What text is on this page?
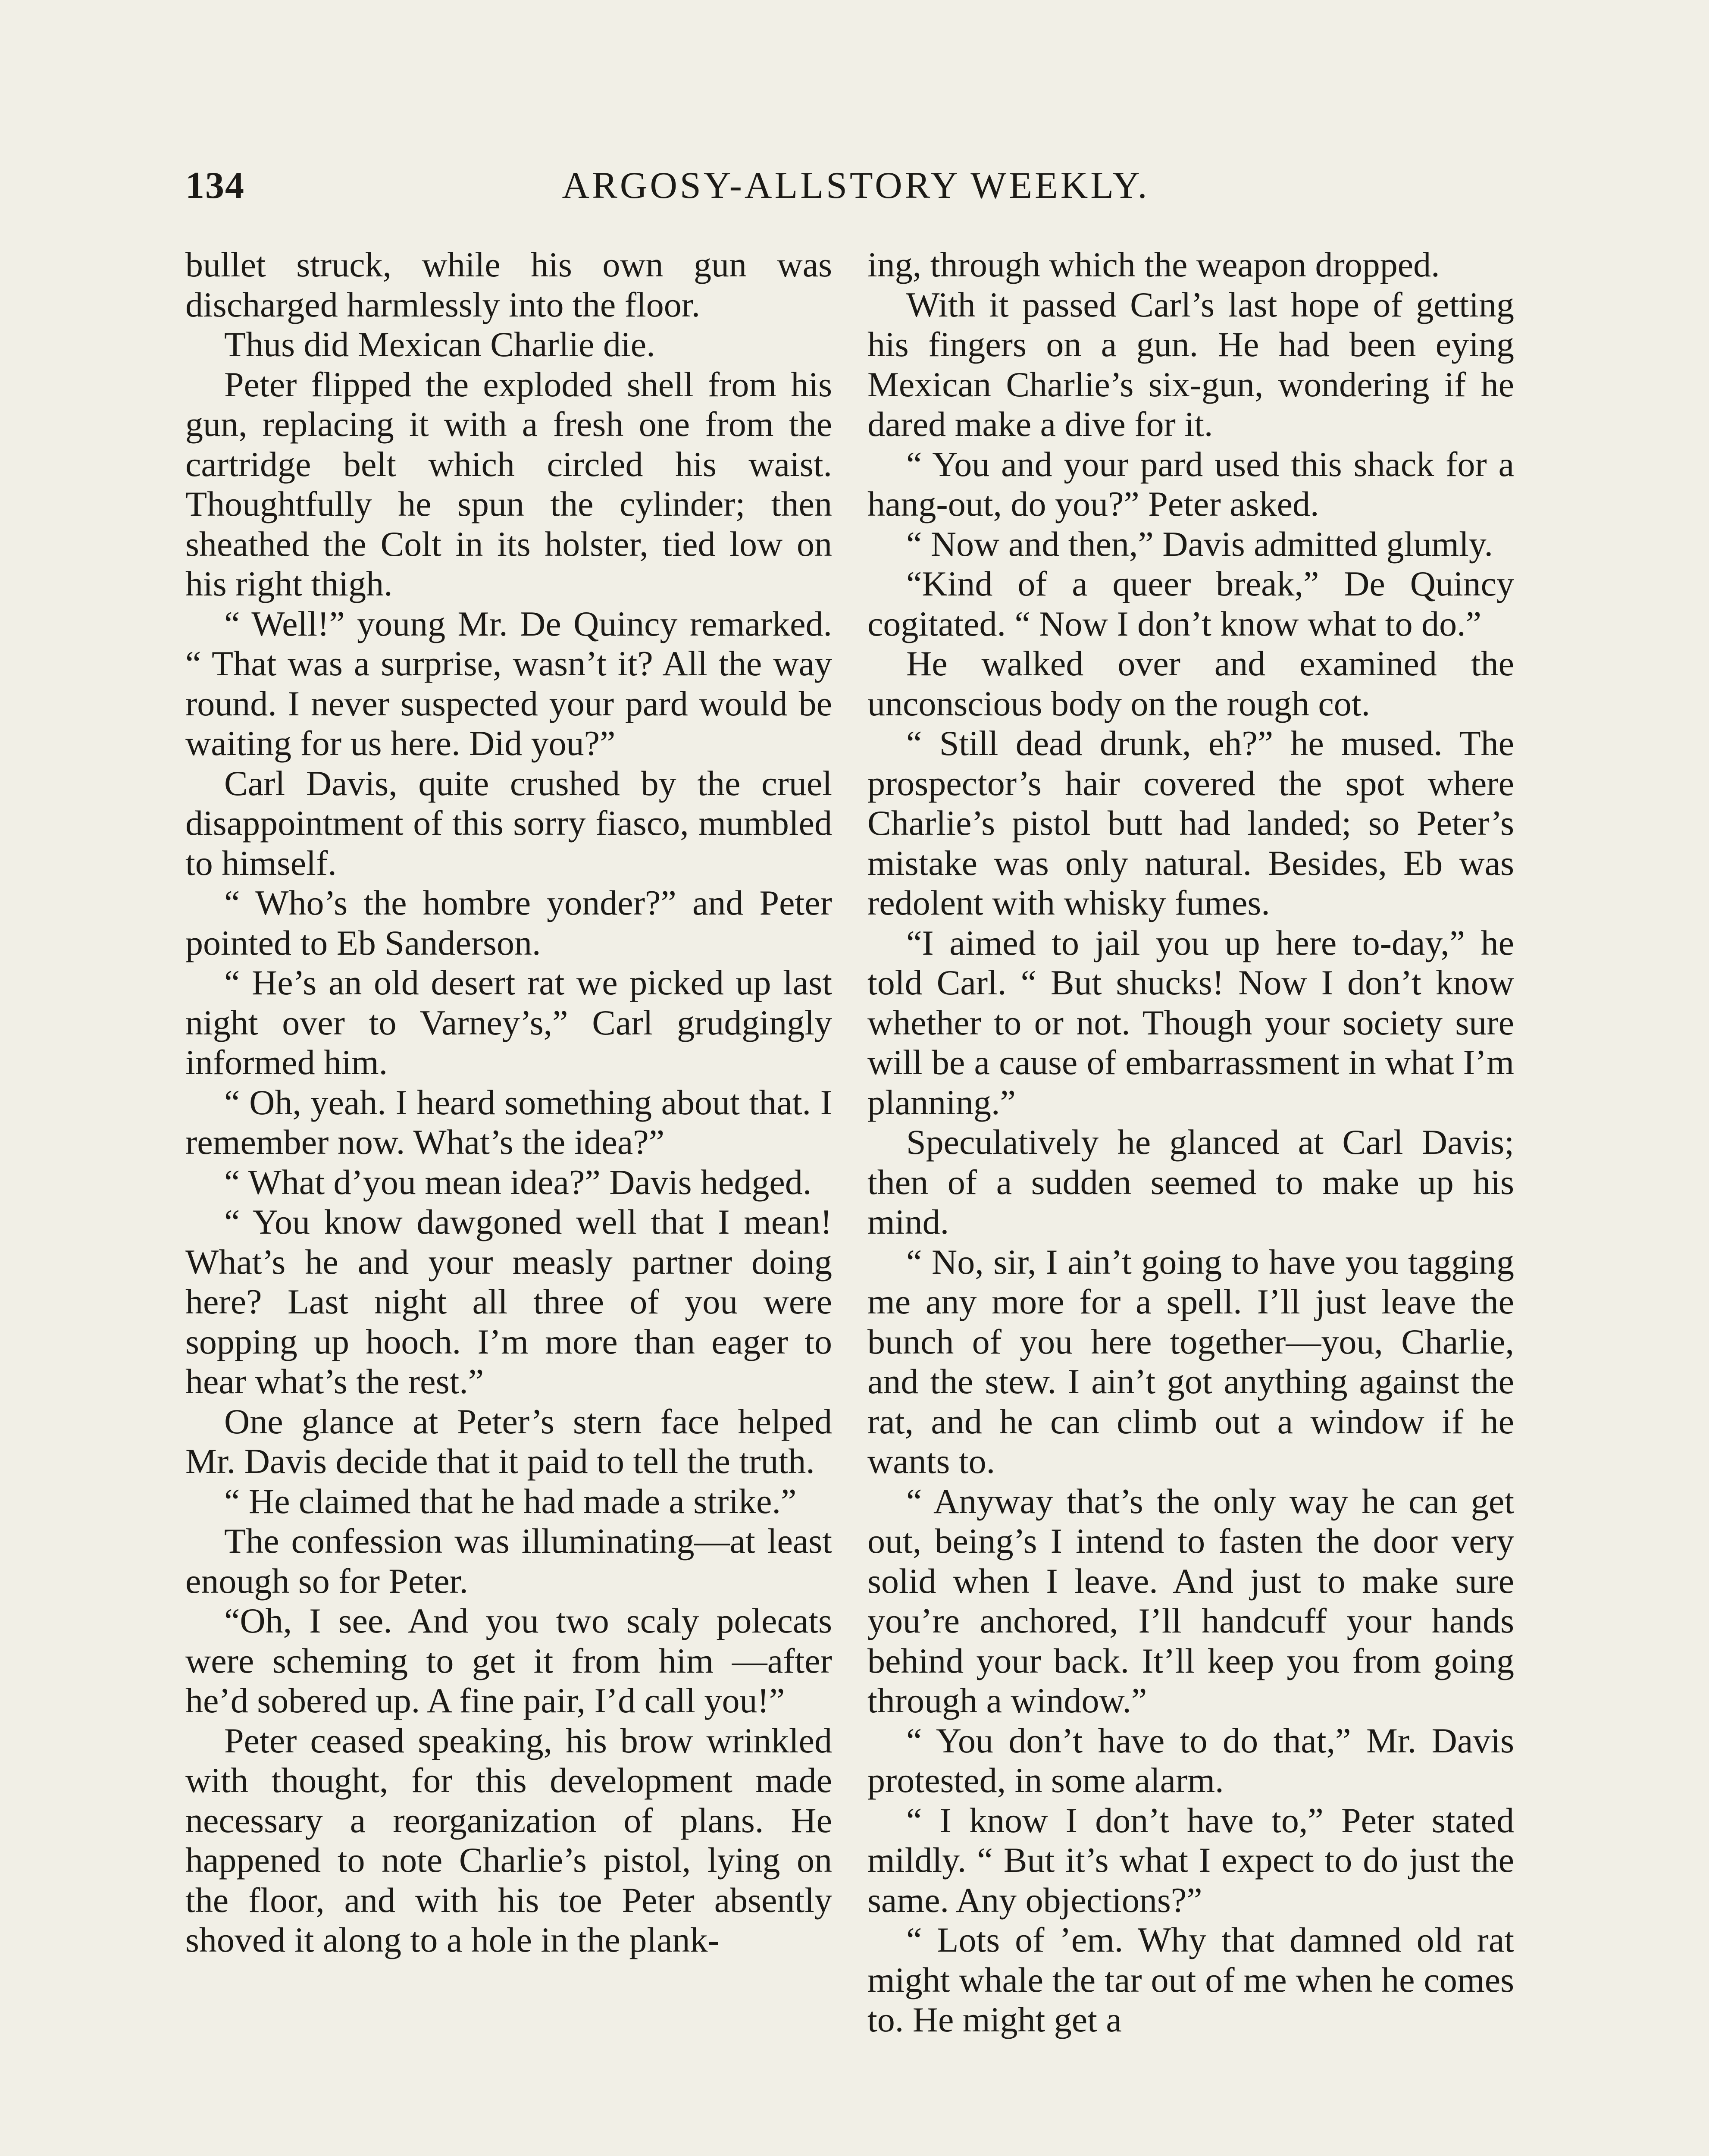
134	ARGOSY-ALLSTORY WEEKLY.

bullet struck, while his own gun was discharged harmlessly into the floor.

Thus did Mexican Charlie die.

Peter flipped the exploded shell from his gun, replacing it with a fresh one from the cartridge belt which circled his waist. Thoughtfully he spun the cylinder; then sheathed the Colt in its holster, tied low on his right thigh.

“ Well!” young Mr. De Quincy remarked. “ That was a surprise, wasn’t it? All the way round. I never suspected your pard would be waiting for us here. Did you?”

Carl Davis, quite crushed by the cruel disappointment of this sorry fiasco, mumbled to himself.

“ Who’s the hombre yonder?” and Peter pointed to Eb Sanderson.

“ He’s an old desert rat we picked up last night over to Varney’s,” Carl grudgingly informed him.

“ Oh, yeah. I heard something about that. I remember now. What’s the idea?”

“ What d’you mean idea?” Davis hedged.

“ You know dawgoned well that I mean! What’s he and your measly partner doing here? Last night all three of you were sopping up hooch. I’m more than eager to hear what’s the rest.”

One glance at Peter’s stern face helped Mr. Davis decide that it paid to tell the truth.

“ He claimed that he had made a strike.”

The confession was illuminating—at least enough so for Peter.

“Oh, I see. And you two scaly polecats were scheming to get it from him —after he’d sobered up. A fine pair, I’d call you!”

Peter ceased speaking, his brow wrinkled with thought, for this development made necessary a reorganization of plans. He happened to note Charlie’s pistol, lying on the floor, and with his toe Peter absently shoved it along to a hole in the plank-

ing, through which the weapon dropped.

With it passed Carl’s last hope of getting his fingers on a gun. He had been eying Mexican Charlie’s six-gun, wondering if he dared make a dive for it.

“ You and your pard used this shack for a hang-out, do you?” Peter asked.

“ Now and then,” Davis admitted glumly.

“Kind of a queer break,” De Quincy cogitated. “ Now I don’t know what to do.”

He walked over and examined the unconscious body on the rough cot.

“ Still dead drunk, eh?” he mused. The prospector’s hair covered the spot where Charlie’s pistol butt had landed; so Peter’s mistake was only natural. Besides, Eb was redolent with whisky fumes.

“I aimed to jail you up here to-day,” he told Carl. “ But shucks! Now I don’t know whether to or not. Though your society sure will be a cause of embarrassment in what I’m planning.”

Speculatively he glanced at Carl Davis; then of a sudden seemed to make up his mind.

“ No, sir, I ain’t going to have you tagging me any more for a spell. I’ll just leave the bunch of you here together—you, Charlie, and the stew. I ain’t got anything against the rat, and he can climb out a window if he wants to.

“ Anyway that’s the only way he can get out, being’s I intend to fasten the door very solid when I leave. And just to make sure you’re anchored, I’ll handcuff your hands behind your back. It’ll keep you from going through a window.”

“ You don’t have to do that,” Mr. Davis protested, in some alarm.

“ I know I don’t have to,” Peter stated mildly. “ But it’s what I expect to do just the same. Any objections?”

“ Lots of ’em. Why that damned old rat might whale the tar out of me when he comes to. He might get a
